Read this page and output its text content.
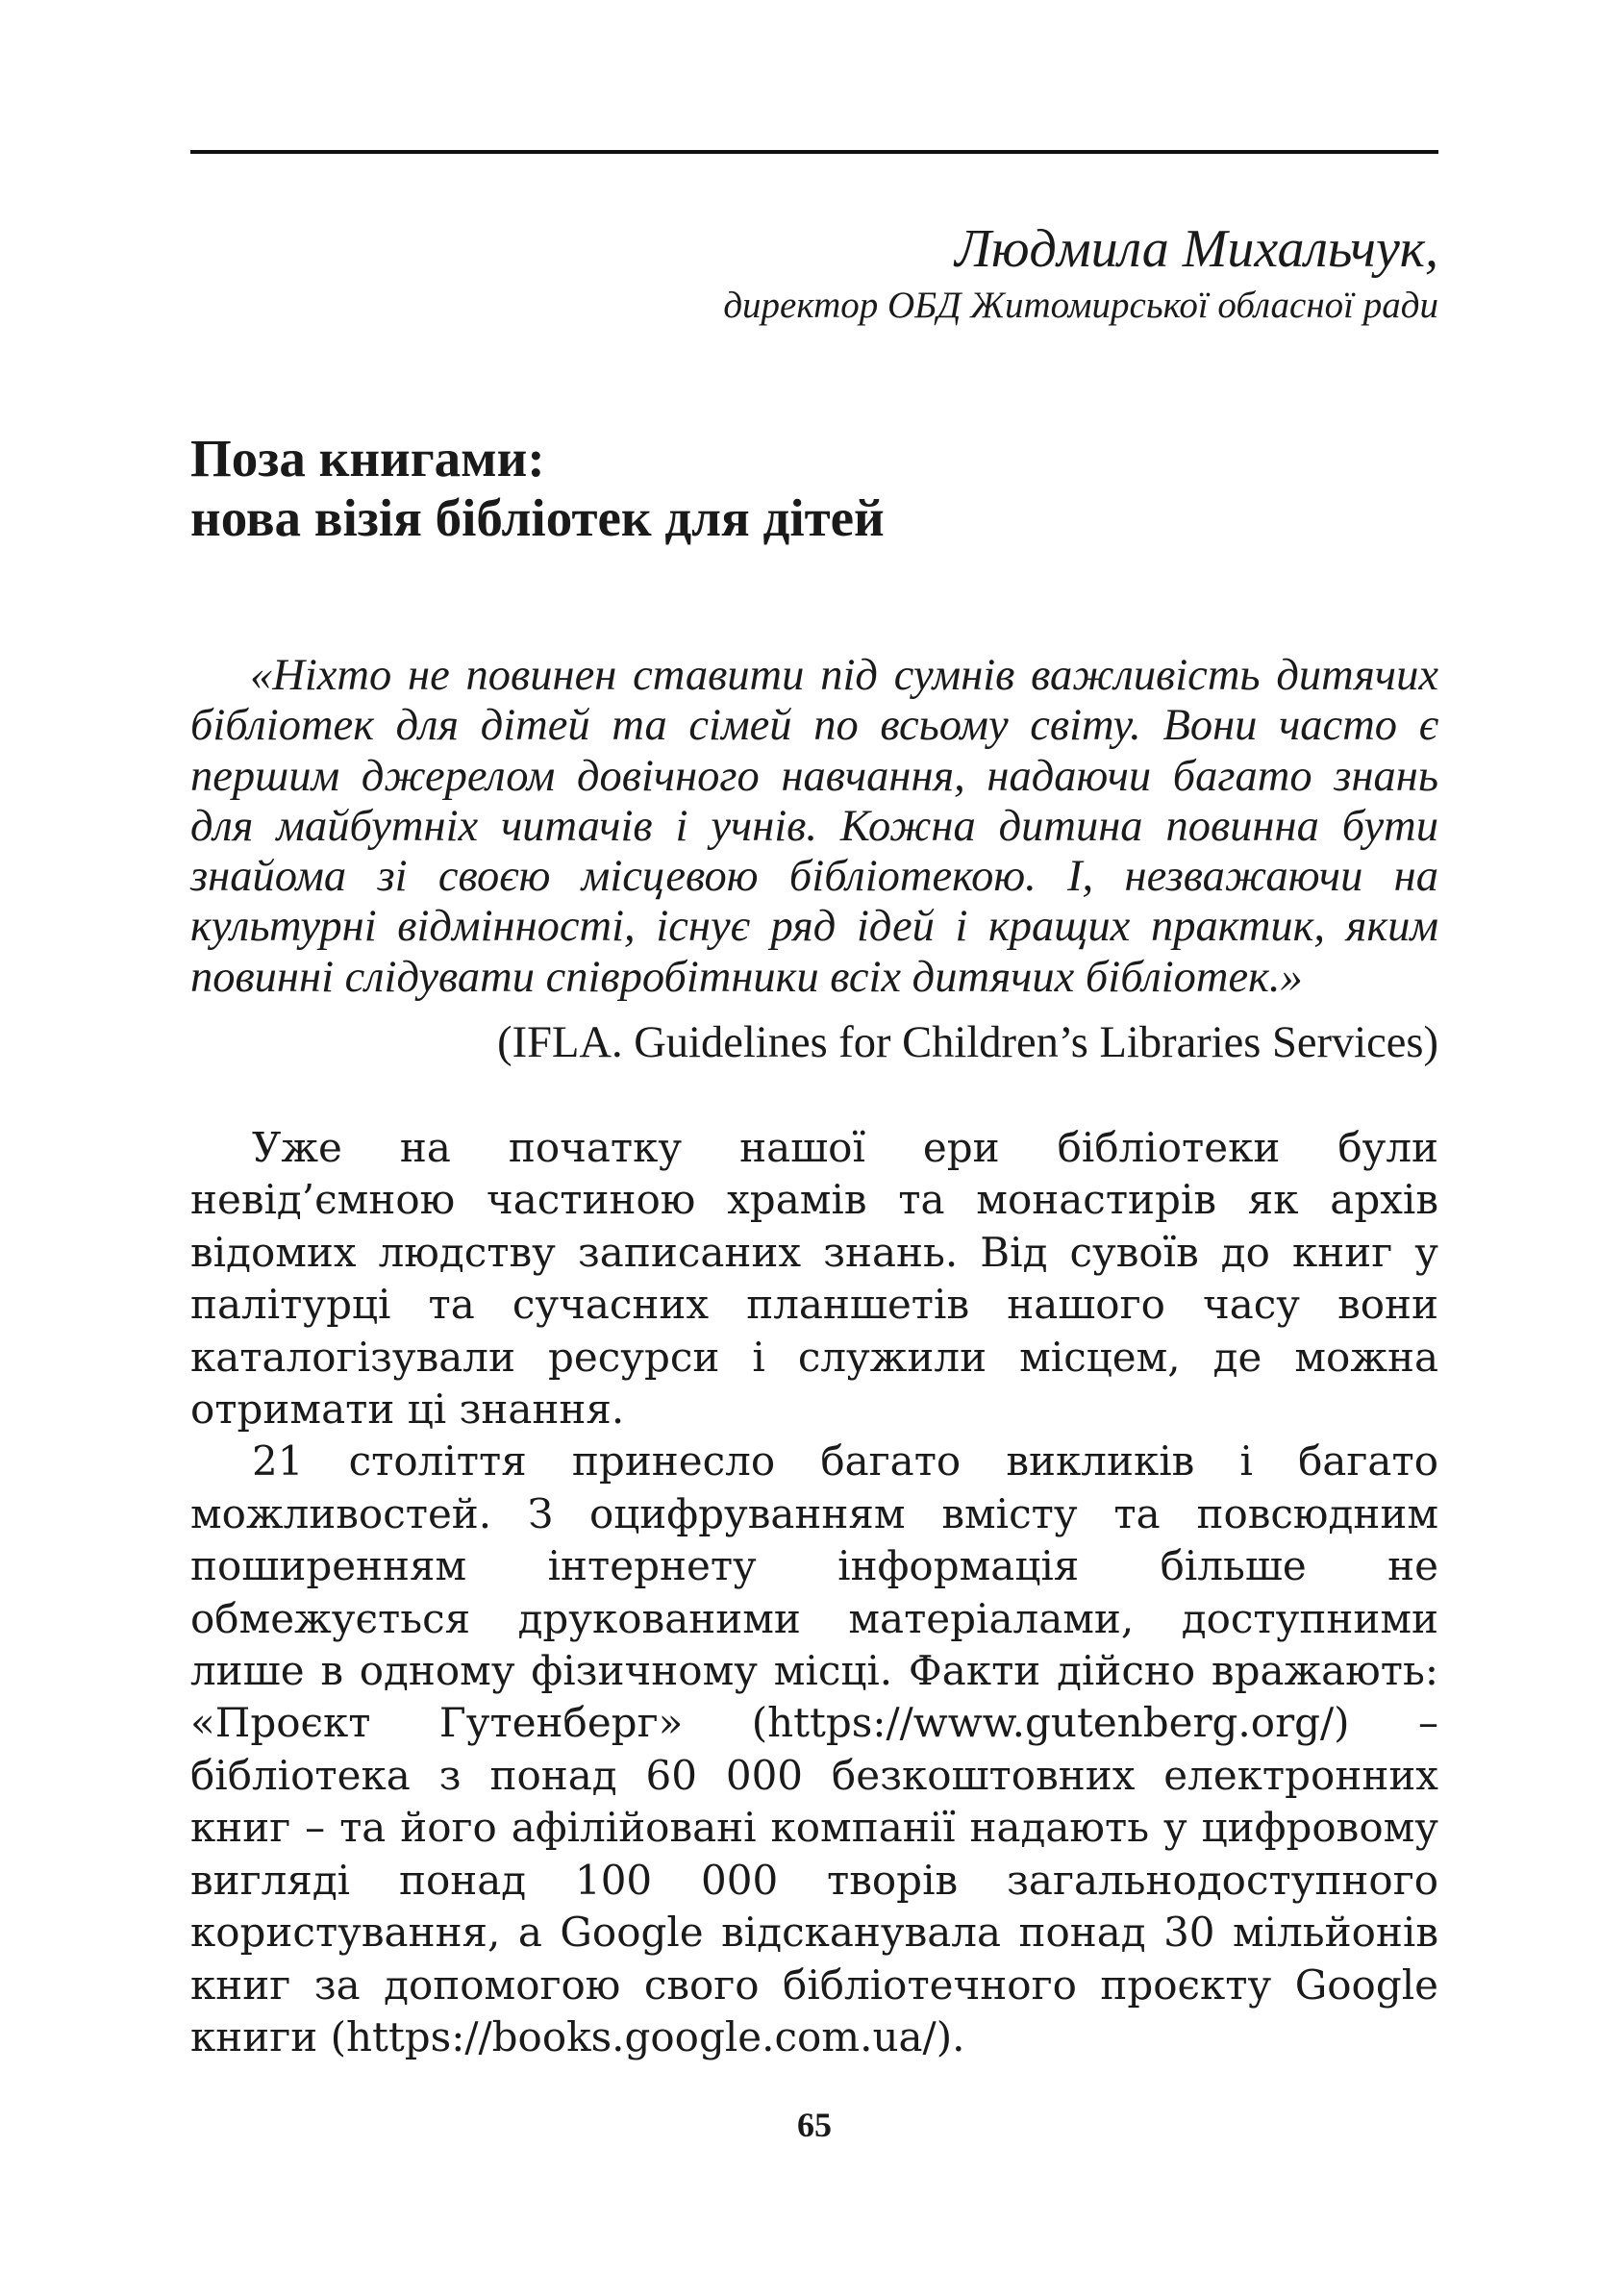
Людмила Михальчук,
директор ОБД Житомирської обласної ради
Поза книгами:
нова візія бібліотек для дітей

«Ніхто не повинен ставити під сумнів важливість дитячих бібліотек для дітей та сімей по всьому світу. Вони часто є першим джерелом довічного навчання, надаючи багато знань для майбутніх читачів і учнів. Кожна дитина повинна бути знайома зі своєю місцевою бібліотекою. І, незважаючи на культурні відмінності, існує ряд ідей і кращих практик, яким повинні слідувати співробітники всіх дитячих бібліотек.»

(IFLA. Guidelines for Children’s Libraries Services)

Уже на початку нашої ери бібліотеки були невід’ємною частиною храмів та монастирів як архів відомих людству записаних знань. Від сувоїв до книг у палітурці та сучасних планшетів нашого часу вони каталогізували ресурси і служили місцем, де можна отримати ці знання.

21 століття принесло багато викликів і багато можливостей. З оцифруванням вмісту та повсюдним поширенням інтернету інформація більше не обмежується друкованими матеріалами, доступними лише в одному фізичному місці. Факти дійсно вражають: «Проєкт Гутенберг» (https://www.gutenberg.org/) – бібліотека з понад 60 000 безкоштовних електронних книг – та його афілійовані компанії надають у цифровому вигляді понад 100 000 творів загальнодоступного користування, а Google відсканувала понад 30 мільйонів книг за допомогою свого бібліотечного проєкту Google книги (https://books.google.com.ua/).

65
